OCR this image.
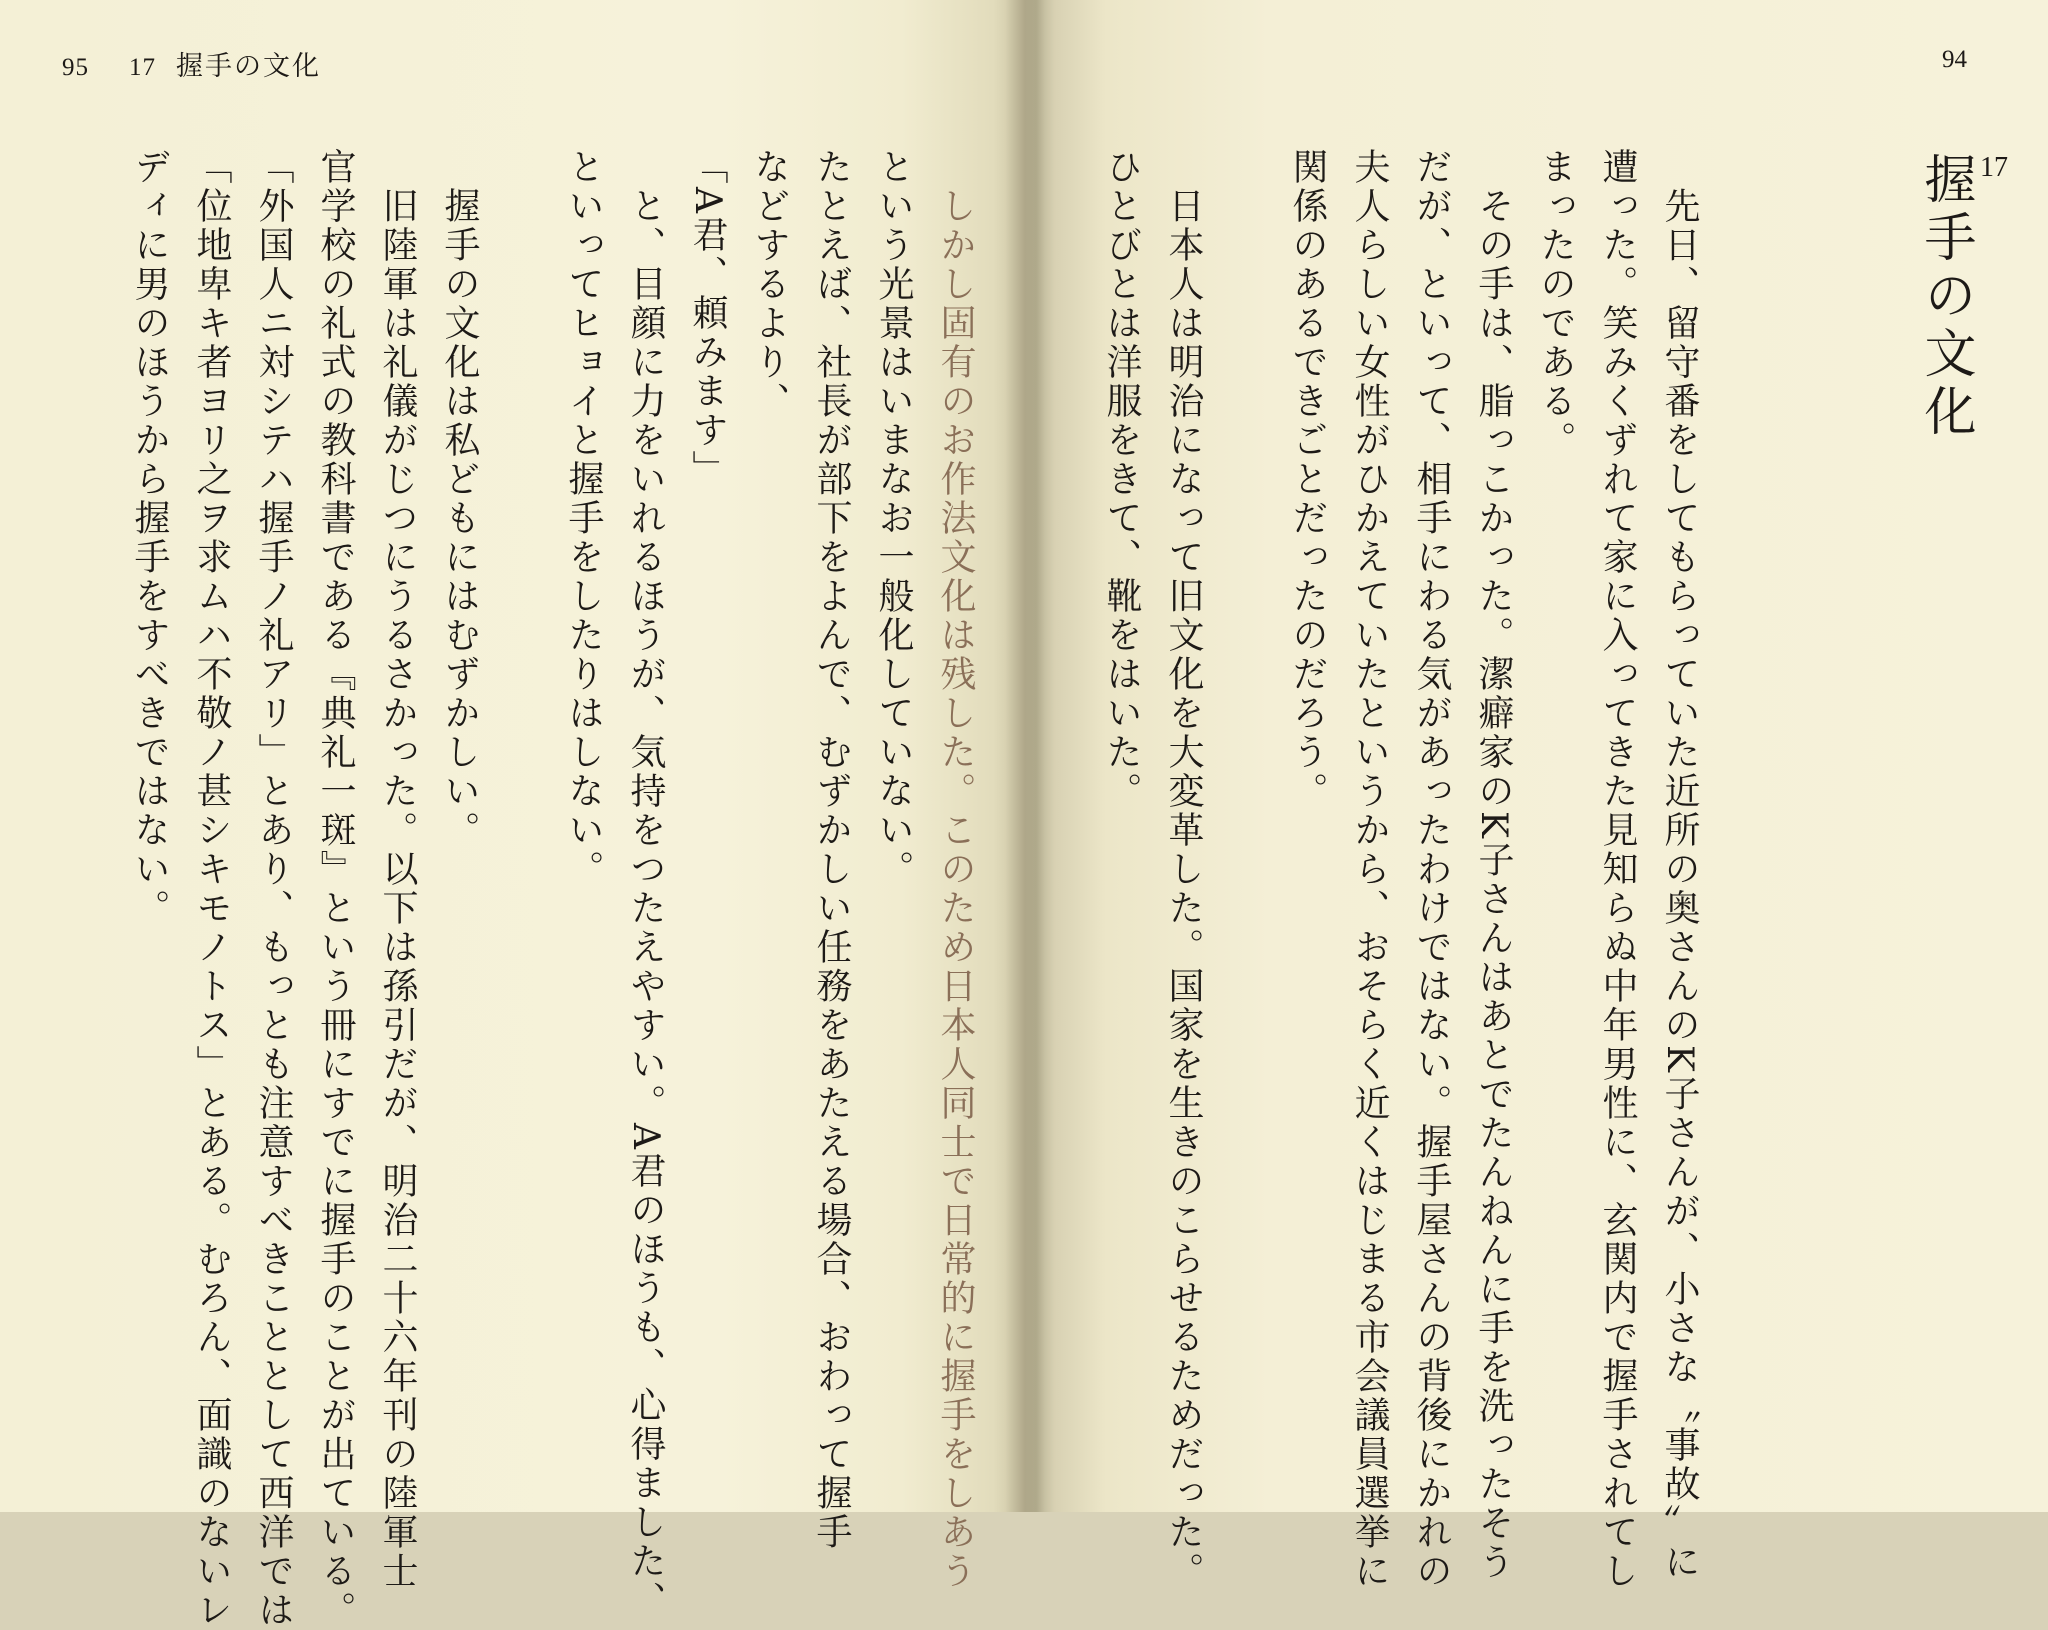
95 17 握手の文化

　しかし固有のお作法文化は残した。このため日本人同士で日常的に握手をしあう

という光景はいまなお一般化していない。

たとえば、社長が部下をよんで、むずかしい任務をあたえる場合、おわって握手

などするより、

「A君、頼みます」

　と、目顔に力をいれるほうが、気持をつたえやすい。A君のほうも、心得ました、

といってヒョイと握手をしたりはしない。

　握手の文化は私どもにはむずかしい。

　旧陸軍は礼儀がじつにうるさかった。以下は孫引だが、明治二十六年刊の陸軍士

官学校の礼式の教科書である『典礼一斑』という冊にすでに握手のことが出ている。

「外国人ニ対シテハ握手ノ礼アリ」とあり、もっとも注意すべきこととして西洋では

「位地卑キ者ヨリ之ヲ求ムハ不敬ノ甚シキモノトス」とある。むろん、面識のないレ

ディに男のほうから握手をすべきではない。

94

　先日、留守番をしてもらっていた近所の奥さんのK子さんが、小さな〝事故〟に

遭った。笑みくずれて家に入ってきた見知らぬ中年男性に、玄関内で握手されてし

まったのである。

　その手は、脂っこかった。潔癖家のK子さんはあとでたんねんに手を洗ったそう

だが、といって、相手にわる気があったわけではない。握手屋さんの背後にかれの

夫人らしい女性がひかえていたというから、おそらく近くはじまる市会議員選挙に

関係のあるできごとだったのだろう。

　日本人は明治になって旧文化を大変革した。国家を生きのこらせるためだった。

ひとびとは洋服をきて、靴をはいた。	17
握手の文化
